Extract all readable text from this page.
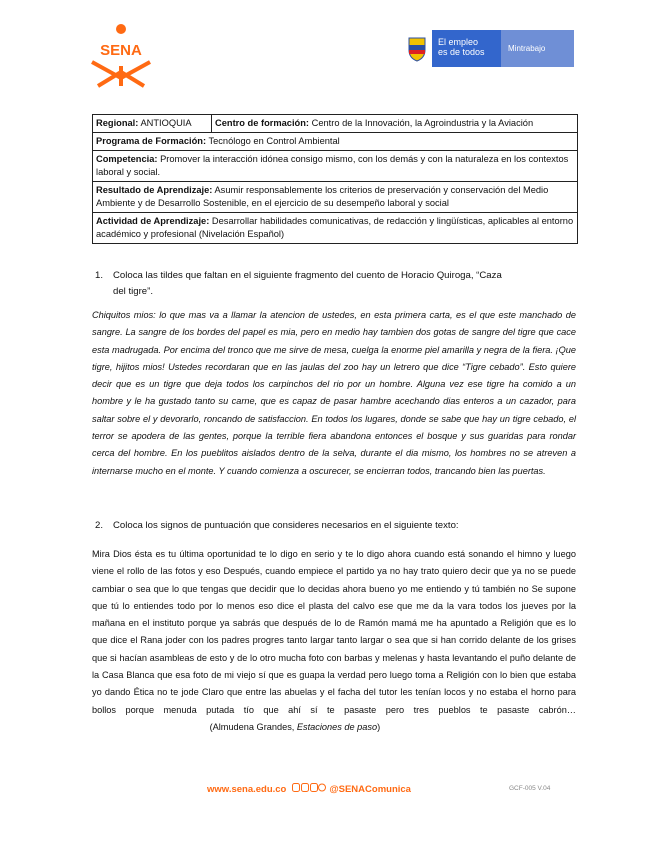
SENA	El empleo
es de todos	Mintrabajo
Regional: ANTIOQUIA	Centro de formación: Centro de la Innovación, la Agroindustria y la Aviación
Programa de Formación: Tecnólogo en Control Ambiental
Competencia: Promover la interacción idónea consigo mismo, con los demás y con la naturaleza en los contextos laboral y social.
Resultado de Aprendizaje: Asumir responsablemente los criterios de preservación y conservación del Medio Ambiente y de Desarrollo Sostenible, en el ejercicio de su desempeño laboral y social
Actividad de Aprendizaje: Desarrollar habilidades comunicativas, de redacción y lingüísticas, aplicables al entorno académico y profesional (Nivelación Español)
1. Coloca las tildes que faltan en el siguiente fragmento del cuento de Horacio Quiroga, “Caza
del tigre”.
Chiquitos mios: lo que mas va a llamar la atencion de ustedes, en esta primera carta, es el que este manchado de sangre. La sangre de los bordes del papel es mia, pero en medio hay tambien dos gotas de sangre del tigre que cace esta madrugada. Por encima del tronco que me sirve de mesa, cuelga la enorme piel amarilla y negra de la fiera. ¡Que tigre, hijitos mios! Ustedes recordaran que en las jaulas del zoo hay un letrero que dice “Tigre cebado”. Esto quiere decir que es un tigre que deja todos los carpinchos del rio por un hombre. Alguna vez ese tigre ha comido a un hombre y le ha gustado tanto su carne, que es capaz de pasar hambre acechando dias enteros a un cazador, para saltar sobre el y devorarlo, roncando de satisfaccion. En todos los lugares, donde se sabe que hay un tigre cebado, el terror se apodera de las gentes, porque la terrible fiera abandona entonces el bosque y sus guaridas para rondar cerca del hombre. En los pueblitos aislados dentro de la selva, durante el dia mismo, los hombres no se atreven a internarse mucho en el monte. Y cuando comienza a oscurecer, se encierran todos, trancando bien las puertas.
2. Coloca los signos de puntuación que consideres necesarios en el siguiente texto:
Mira Dios ésta es tu última oportunidad te lo digo en serio y te lo digo ahora cuando está sonando el himno y luego viene el rollo de las fotos y eso Después, cuando empiece el partido ya no hay trato quiero decir que ya no se puede cambiar o sea que lo que tengas que decidir que lo decidas ahora bueno yo me entiendo y tú también no Se supone que tú lo entiendes todo por lo menos eso dice el plasta del calvo ese que me da la vara todos los jueves por la mañana en el instituto porque ya sabrás que después de lo de Ramón mamá me ha apuntado a Religión que es lo que dice el Rana joder con los padres progres tanto largar tanto largar o sea que si han corrido delante de los grises que si hacían asambleas de esto y de lo otro mucha foto con barbas y melenas y hasta levantando el puño delante de la Casa Blanca que esa foto de mi viejo sí que es guapa la verdad pero luego toma a Religión con lo bien que estaba yo dando Ética no te jode Claro que entre las abuelas y el facha del tutor les tenían locos y no estaba el horno para bollos porque menuda putada tío que ahí sí te pasaste pero tres pueblos te pasaste cabrón…  (Almudena Grandes, Estaciones de paso)
www.sena.edu.co	@SENAComunica	GCF-005 V.04
